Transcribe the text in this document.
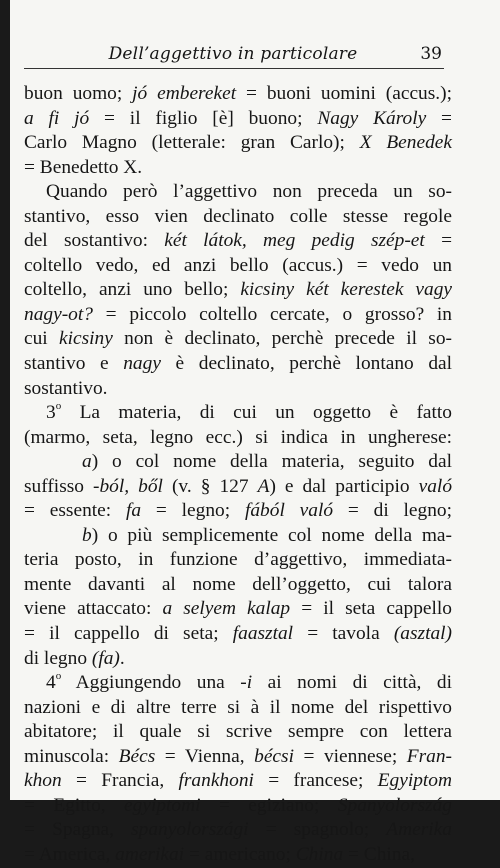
Dell’aggettivo in particolare	39
buon uomo; jó embereket = buoni uomini (accus.);
a fi jó = il figlio [è] buono; Nagy Károly =
Carlo Magno (letterale: gran Carlo); X Benedek
= Benedetto X.
Quando però l’aggettivo non preceda un so-
stantivo, esso vien declinato colle stesse regole
del sostantivo: két látok, meg pedig szép-et =
coltello vedo, ed anzi bello (accus.) = vedo un
coltello, anzi uno bello; kicsiny két kerestek vagy
nagy-ot? = piccolo coltello cercate, o grosso? in
cui kicsiny non è declinato, perchè precede il so-
stantivo e nagy è declinato, perchè lontano dal
sostantivo.
3$^o$ La materia, di cui un oggetto è fatto
(marmo, seta, legno ecc.) si indica in ungherese:
a) o col nome della materia, seguito dal
suffisso -ból, ből (v. § 127 A) e dal participio való
= essente: fa = legno; fából való = di legno;
b) o più semplicemente col nome della ma-
teria posto, in funzione d’aggettivo, immediata-
mente davanti al nome dell’oggetto, cui talora
viene attaccato: a selyem kalap = il seta cappello
= il cappello di seta; faasztal = tavola (asztal)
di legno (fa).
4$^o$ Aggiungendo una -i ai nomi di città, di
nazioni e di altre terre si à il nome del rispettivo
abitatore; il quale si scrive sempre con lettera
minuscola: Bécs = Vienna, bécsi = viennese; Fran-
khon = Francia, frankhoni = francese; Egyiptom
= Egitto, egyiptomi = egiziano; Spanyolország
= Spagna, spanyolországi = spagnolo; Amerika
= America, amerikai = americano; China = China,
